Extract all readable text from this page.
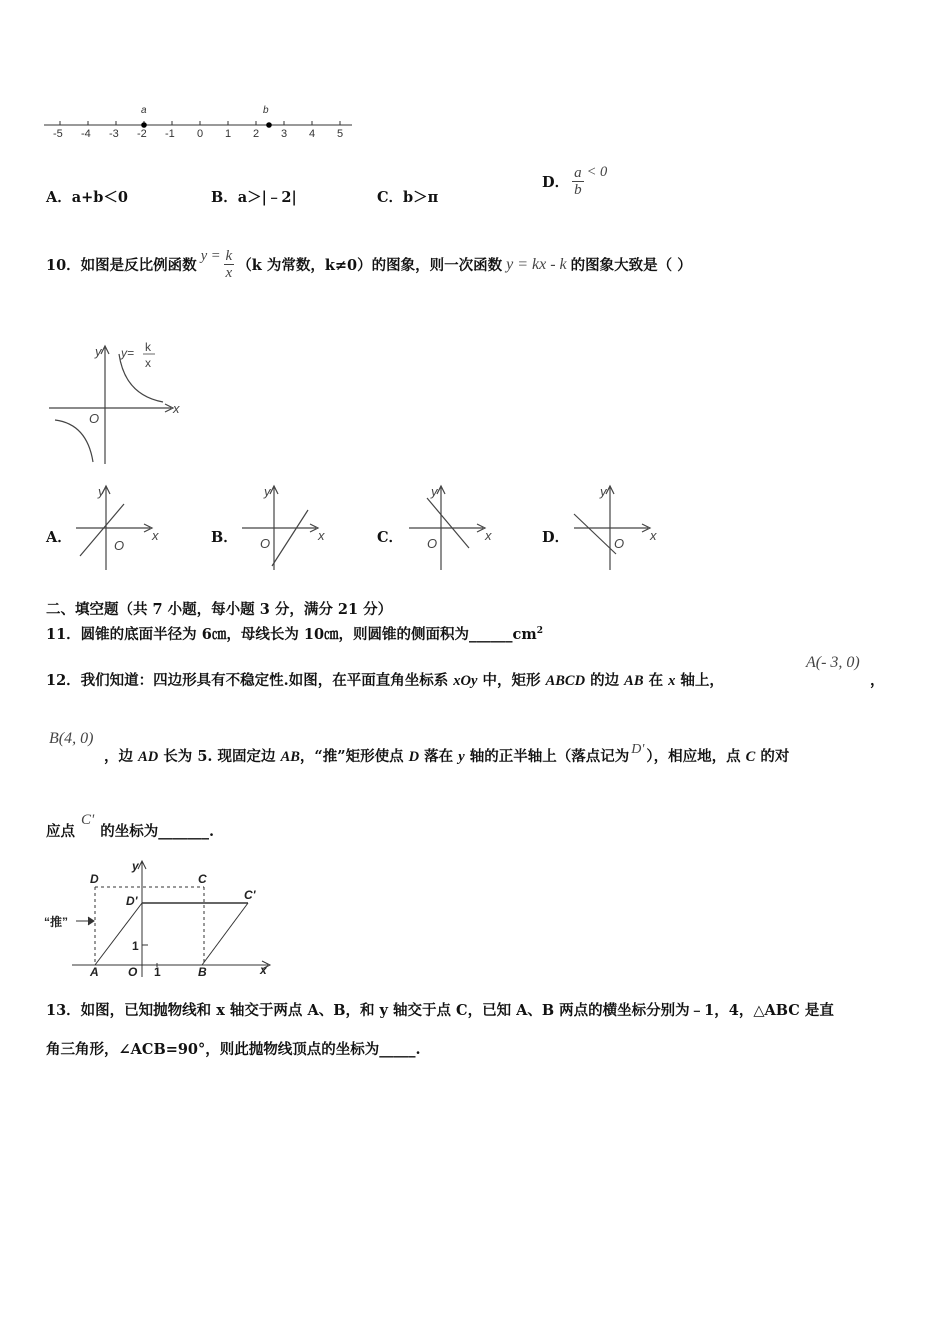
-5 -4 -3 -2 -1 0 1 2 3 4 5
a	b
A．a+b＜0	B．a＞|﹣2|	C．b＞π
D． $\frac{a}{b} < 0$
10．如图是反比例函数$y = \frac{k}{x} (k$ 为常数，k≠0）的图象，则一次函数 y = kx - k 的图象大致是（ ）
y
x
O
y= k
x
A．
y
x
O	B．
y
x
O	C．
y
x
O	D．
y
x
O
二、填空题（共 7 小题，每小题 3 分，满分 21 分）
11．圆锥的底面半径为 6㎝，母线长为 10㎝，则圆锥的侧面积为$\_\_\_\_\_\_cm^2$
12．我们知道：四边形具有不稳定性.如图，在平面直角坐标系 xOy 中，矩形 ABCD 的边 AB 在 x 轴上，
A(- 3, 0)
，
B(4, 0)
，边 AD 长为 5. 现固定边 AB，“推”矩形使点 D 落在 y 轴的正半轴上（落点记为 D' ），相应地，点 C 的对
应点C'的坐标为_______.
D	C
D'	C'
A O	B
1
1
y
x
“推”
13．如图，已知抛物线和 x 轴交于两点 A、B，和 y 轴交于点 C，已知 A、B 两点的横坐标分别为﹣1，4，△ABC 是直
角三角形，∠ACB=90°，则此抛物线顶点的坐标为_____.
